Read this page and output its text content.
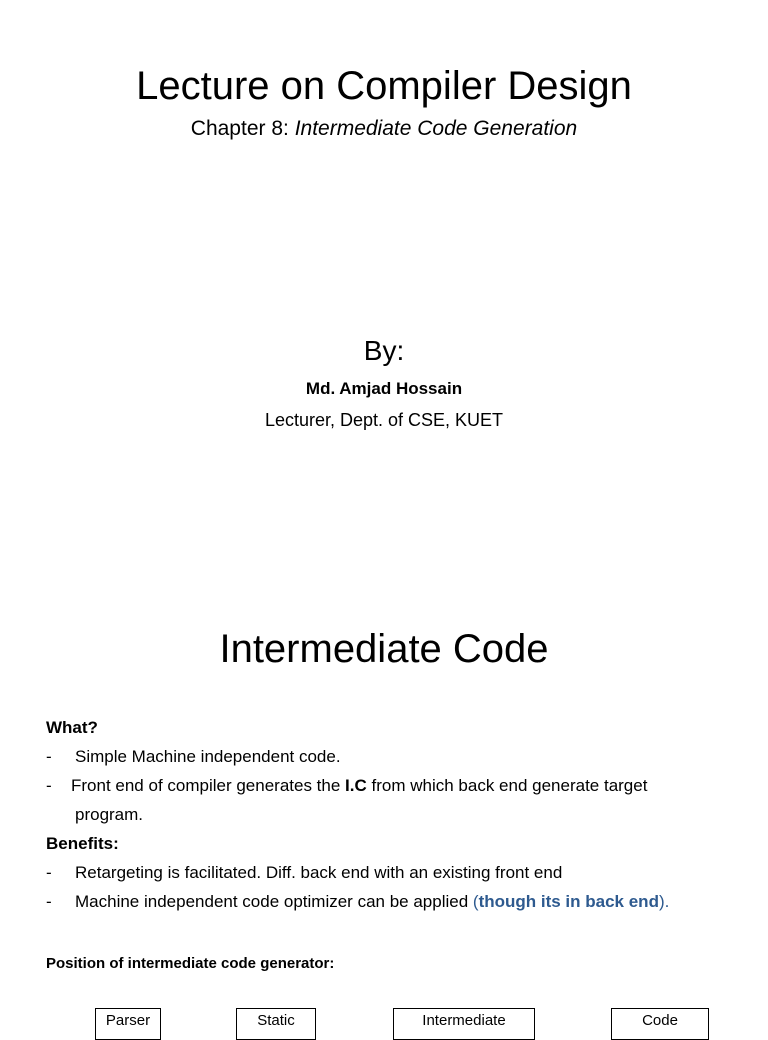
Lecture on Compiler Design
Chapter 8: Intermediate Code Generation
By:
Md. Amjad Hossain
Lecturer, Dept. of CSE, KUET
Intermediate Code
What?
- Simple Machine independent code.
- Front end of compiler generates the I.C from which back end generate target
program.
Benefits:
- Retargeting is facilitated. Diff. back end with an existing front end
- Machine independent code optimizer can be applied (though its in back end).
Position of intermediate code generator:
Parser	Static	Intermediate	Code
